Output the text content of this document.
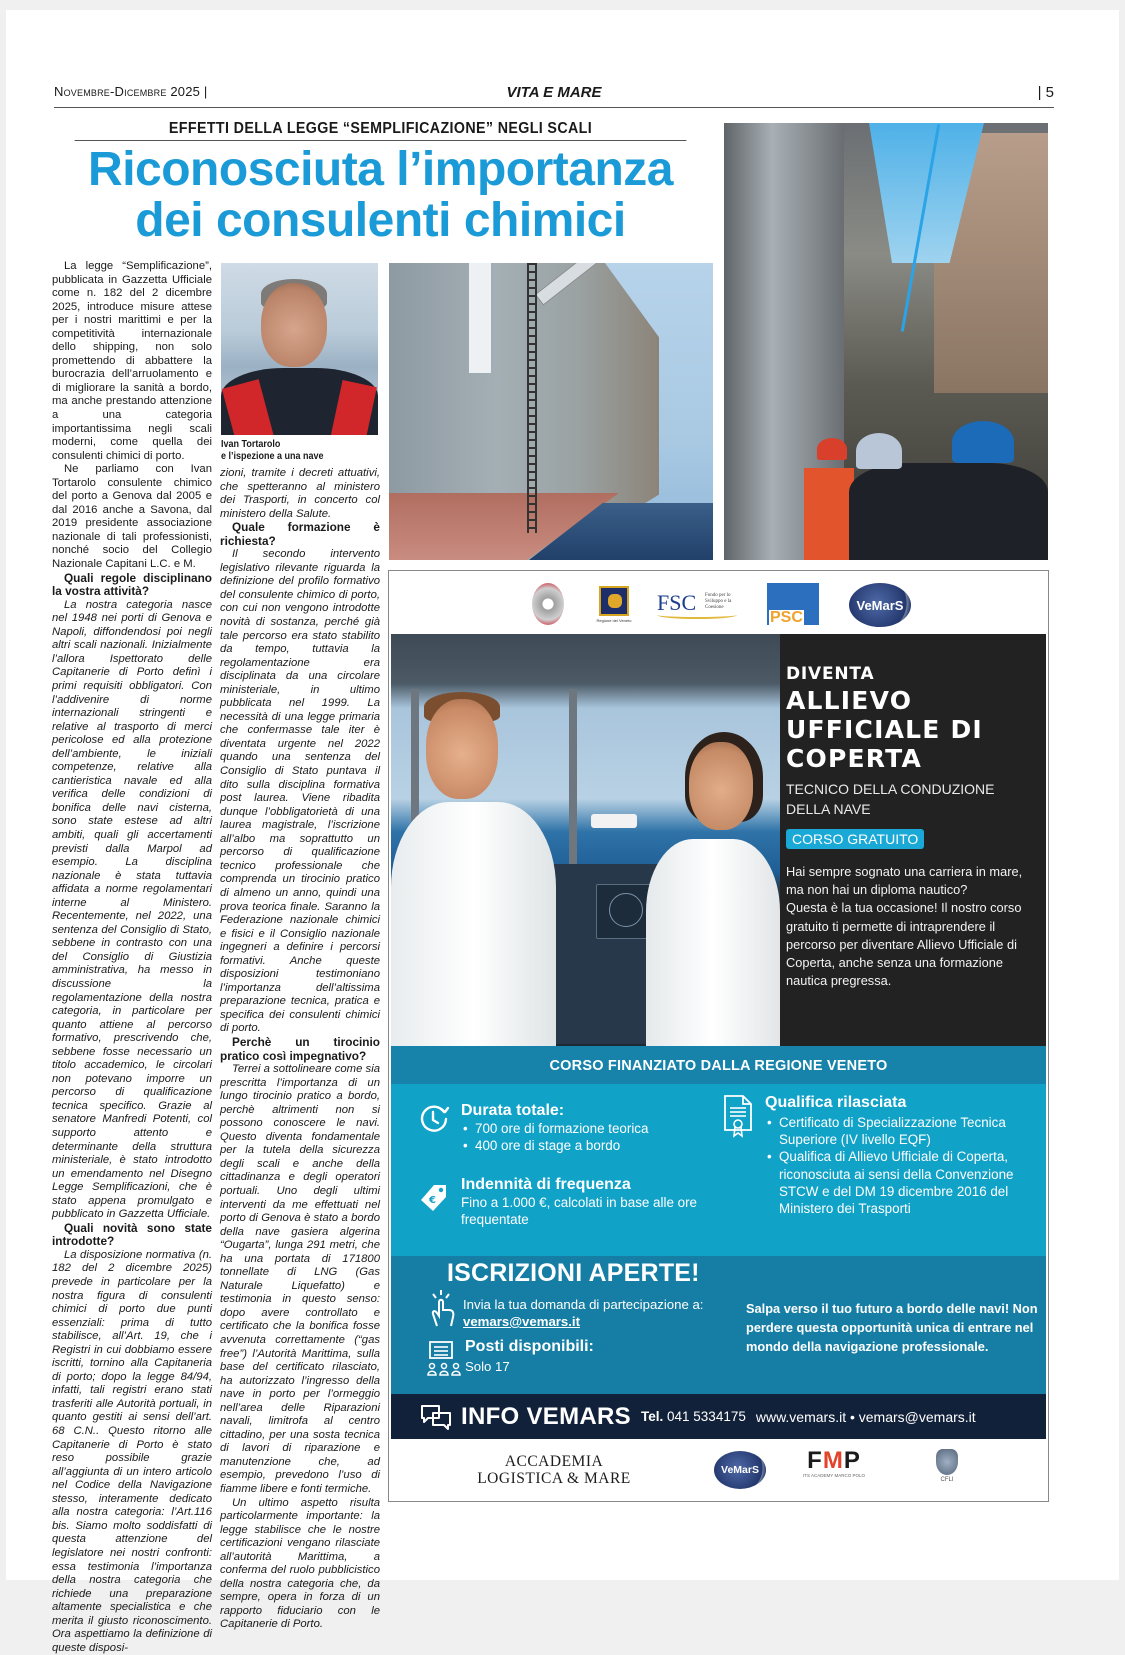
Novembre-Dicembre 2025 |	VITA E MARE	| 5
EFFETTI DELLA LEGGE “SEMPLIFICAZIONE” NEGLI SCALI
Riconosciuta l’importanza
dei consulenti chimici

La legge “Semplificazione”, pubblicata in Gazzetta Ufficiale come n. 182 del 2 dicembre 2025, introduce misure attese per i nostri marittimi e per la competitività internazionale dello shipping, non solo promettendo di abbattere la burocrazia dell’arruolamento e di migliorare la sanità a bordo, ma anche prestando attenzione a una categoria importantissima negli scali moderni, come quella dei consulenti chimici di porto.

Ne parliamo con Ivan Tortarolo consulente chimico del porto a Genova dal 2005 e dal 2016 anche a Savona, dal 2019 presidente associazione nazionale di tali professionisti, nonché socio del Collegio Nazionale Capitani L.C. e M.

Quali regole disciplinano la vostra attività?

La nostra categoria nasce nel 1948 nei porti di Genova e Napoli, diffondendosi poi negli altri scali nazionali. Inizialmente l’allora Ispettorato delle Capitanerie di Porto definì i primi requisiti obbligatori. Con l’addivenire di norme internazionali stringenti e relative al trasporto di merci pericolose ed alla protezione dell’ambiente, le iniziali competenze, relative alla cantieristica navale ed alla verifica delle condizioni di bonifica delle navi cisterna, sono state estese ad altri ambiti, quali gli accertamenti previsti dalla Marpol ad esempio. La disciplina nazionale è stata tuttavia affidata a norme regolamentari interne al Ministero. Recentemente, nel 2022, una sentenza del Consiglio di Stato, sebbene in contrasto con una del Consiglio di Giustizia amministrativa, ha messo in discussione la regolamentazione della nostra categoria, in particolare per quanto attiene al percorso formativo, prescrivendo che, sebbene fosse necessario un titolo accademico, le circolari non potevano imporre un percorso di qualificazione tecnica specifico. Grazie al senatore Manfredi Potenti, col supporto attento e determinante della struttura ministeriale, è stato introdotto un emendamento nel Disegno Legge Semplificazioni, che è stato appena promulgato e pubblicato in Gazzetta Ufficiale.

Quali novità sono state introdotte?

La disposizione normativa (n. 182 del 2 dicembre 2025) prevede in particolare per la nostra figura di consulenti chimici di porto due punti essenziali: prima di tutto stabilisce, all’Art. 19, che i Registri in cui dobbiamo essere iscritti, tornino alla Capitaneria di porto; dopo la legge 84/94, infatti, tali registri erano stati trasferiti alle Autorità portuali, in quanto gestiti ai sensi dell’art. 68 C.N.. Questo ritorno alle Capitanerie di Porto è stato reso possibile grazie all’aggiunta di un intero articolo nel Codice della Navigazione stesso, interamente dedicato alla nostra categoria: l’Art.116 bis. Siamo molto soddisfatti di questa attenzione del legislatore nei nostri confronti: essa testimonia l’importanza della nostra categoria che richiede una preparazione altamente specialistica e che merita il giusto riconoscimento. Ora aspettiamo la definizione di queste disposi-

Ivan Tortarolo
e l’ispezione a una nave

zioni, tramite i decreti attuativi, che spetteranno al ministero dei Trasporti, in concerto col ministero della Salute.

Quale formazione è richiesta?

Il secondo intervento legislativo rilevante riguarda la definizione del profilo formativo del consulente chimico di porto, con cui non vengono introdotte novità di sostanza, perché già tale percorso era stato stabilito da tempo, tuttavia la regolamentazione era disciplinata da una circolare ministeriale, in ultimo pubblicata nel 1999. La necessità di una legge primaria che confermasse tale iter è diventata urgente nel 2022 quando una sentenza del Consiglio di Stato puntava il dito sulla disciplina formativa post laurea. Viene ribadita dunque l’obbligatorietà di una laurea magistrale, l’iscrizione all’albo ma soprattutto un percorso di qualificazione tecnico professionale che comprenda un tirocinio pratico di almeno un anno, quindi una prova teorica finale. Saranno la Federazione nazionale chimici e fisici e il Consiglio nazionale ingegneri a definire i percorsi formativi. Anche queste disposizioni testimoniano l’importanza dell’altissima preparazione tecnica, pratica e specifica dei consulenti chimici di porto.

Perchè un tirocinio pratico così impegnativo?

Terrei a sottolineare come sia prescritta l’importanza di un lungo tirocinio pratico a bordo, perchè altrimenti non si possono conoscere le navi. Questo diventa fondamentale per la tutela della sicurezza degli scali e anche della cittadinanza e degli operatori portuali. Uno degli ultimi interventi da me effettuati nel porto di Genova è stato a bordo della nave gasiera algerina “Ougarta”, lunga 291 metri, che ha una portata di 171800 tonnellate di LNG (Gas Naturale Liquefatto) e testimonia in questo senso: dopo avere controllato e certificato che la bonifica fosse avvenuta correttamente (“gas free”) l’Autorità Marittima, sulla base del certificato rilasciato, ha autorizzato l’ingresso della nave in porto per l’ormeggio nell’area delle Riparazioni navali, limitrofa al centro cittadino, per una sosta tecnica di lavori di riparazione e manutenzione che, ad esempio, prevedono l’uso di fiamme libere e fonti termiche.

Un ultimo aspetto risulta particolarmente importante: la legge stabilisce che le nostre certificazioni vengano rilasciate all’autorità Marittima, a conferma del ruolo pubblicistico della nostra categoria che, da sempre, opera in forza di un rapporto fiduciario con le Capitanerie di Porto.

Regione del Veneto
FSC Fondo per lo Sviluppo e la Coesione
PSC
VeMarS
DIVENTA
ALLIEVO
UFFICIALE DI
COPERTA
TECNICO DELLA CONDUZIONE DELLA NAVE
CORSO GRATUITO
Hai sempre sognato una carriera in mare, ma non hai un diploma nautico?
Questa è la tua occasione! Il nostro corso gratuito ti permette di intraprendere il percorso per diventare Allievo Ufficiale di Coperta, anche senza una formazione nautica pregressa.
CORSO FINANZIATO DALLA REGIONE VENETO
Durata totale:
• 700 ore di formazione teorica
• 400 ore di stage a bordo
€
Indennità di frequenza
Fino a 1.000 €, calcolati in base alle ore frequentate
Qualifica rilasciata
• Certificato di Specializzazione Tecnica Superiore (IV livello EQF)
• Qualifica di Allievo Ufficiale di Coperta, riconosciuta ai sensi della Convenzione STCW e del DM 19 dicembre 2016 del Ministero dei Trasporti
ISCRIZIONI APERTE!
Invia la tua domanda di partecipazione a:
vemars@vemars.it
Posti disponibili:
Solo 17
Salpa verso il tuo futuro a bordo delle navi! Non perdere questa opportunità unica di entrare nel mondo della navigazione professionale.
INFO VEMARS Tel. 041 5334175 www.vemars.it • vemars@vemars.it
ACCADEMIA
LOGISTICA & MARE	VeMarS	FMP
ITS ACADEMY MARCO POLO
CFLI
